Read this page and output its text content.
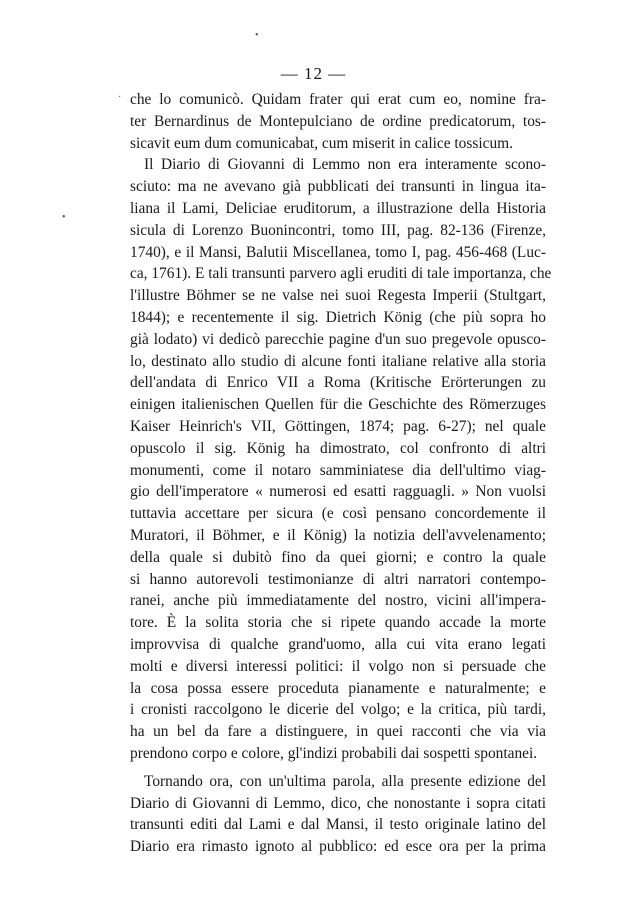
•
·
•
— 12 —
che lo comunicò. Quidam frater qui erat cum eo, nomine fra-
ter Bernardinus de Montepulciano de ordine predicatorum, tos-
sicavit eum dum comunicabat, cum miserit in calice tossicum.
Il Diario di Giovanni di Lemmo non era interamente scono-
sciuto: ma ne avevano già pubblicati dei transunti in lingua ita-
liana il Lami, Deliciae eruditorum, a illustrazione della Historia
sicula di Lorenzo Buonincontri, tomo III, pag. 82-136 (Firenze,
1740), e il Mansi, Balutii Miscellanea, tomo I, pag. 456-468 (Luc-
ca, 1761). E tali transunti parvero agli eruditi di tale importanza, che
l'illustre Böhmer se ne valse nei suoi Regesta Imperii (Stultgart,
1844); e recentemente il sig. Dietrich König (che più sopra ho
già lodato) vi dedicò parecchie pagine d'un suo pregevole opusco-
lo, destinato allo studio di alcune fonti italiane relative alla storia
dell'andata di Enrico VII a Roma (Kritische Erörterungen zu
einigen italienischen Quellen für die Geschichte des Römerzuges
Kaiser Heinrich's VII, Göttingen, 1874; pag. 6-27); nel quale
opuscolo il sig. König ha dimostrato, col confronto di altri
monumenti, come il notaro samminiatese dia dell'ultimo viag-
gio dell'imperatore « numerosi ed esatti ragguagli. » Non vuolsi
tuttavia accettare per sicura (e così pensano concordemente il
Muratori, il Böhmer, e il König) la notizia dell'avvelenamento;
della quale si dubitò fino da quei giorni; e contro la quale
si hanno autorevoli testimonianze di altri narratori contempo-
ranei, anche più immediatamente del nostro, vicini all'impera-
tore. È la solita storia che si ripete quando accade la morte
improvvisa di qualche grand'uomo, alla cui vita erano legati
molti e diversi interessi politici: il volgo non si persuade che
la cosa possa essere proceduta pianamente e naturalmente; e
i cronisti raccolgono le dicerie del volgo; e la critica, più tardi,
ha un bel da fare a distinguere, in quei racconti che via via
prendono corpo e colore, gl'indizi probabili dai sospetti spontanei.
Tornando ora, con un'ultima parola, alla presente edizione del
Diario di Giovanni di Lemmo, dico, che nonostante i sopra citati
transunti editi dal Lami e dal Mansi, il testo originale latino del
Diario era rimasto ignoto al pubblico: ed esce ora per la prima
